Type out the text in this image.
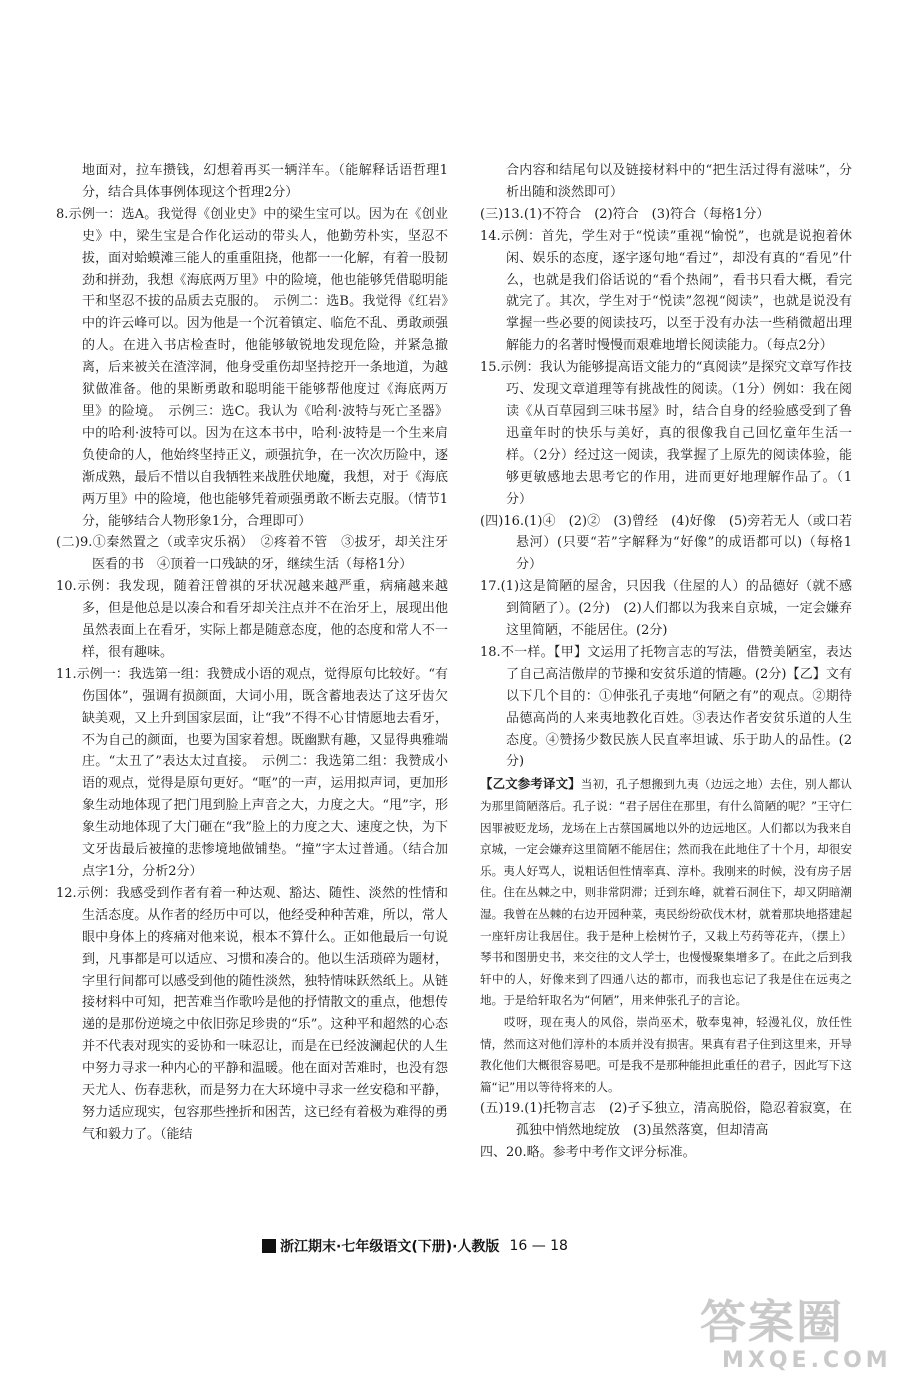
地面对，拉车攒钱，幻想着再买一辆洋车。（能解释话语哲理1分，结合具体事例体现这个哲理2分）

8.示例一：选A。我觉得《创业史》中的梁生宝可以。因为在《创业史》中，梁生宝是合作化运动的带头人，他勤劳朴实，坚忍不拔，面对蛤蟆滩三能人的重重阻挠，他都一一化解，有着一股韧劲和拼劲，我想《海底两万里》中的险境，他也能够凭借聪明能干和坚忍不拔的品质去克服的。　示例二：选B。我觉得《红岩》中的许云峰可以。因为他是一个沉着镇定、临危不乱、勇敢顽强的人。在进入书店检查时，他能够敏锐地发现危险，并紧急撤离，后来被关在渣滓洞，他身受重伤却坚持挖开一条地道，为越狱做准备。他的果断勇敢和聪明能干能够帮他度过《海底两万里》的险境。　示例三：选C。我认为《哈利·波特与死亡圣器》中的哈利·波特可以。因为在这本书中，哈利·波特是一个生来肩负使命的人，他始终坚持正义，顽强抗争，在一次次历险中，逐渐成熟，最后不惜以自我牺牲来战胜伏地魔，我想，对于《海底两万里》中的险境，他也能够凭着顽强勇敢不断去克服。（情节1分，能够结合人物形象1分，合理即可）

(二)9.①秦然置之（或幸灾乐祸）　②疼着不管　③拔牙，却关注牙医看的书　④顶着一口残缺的牙，继续生活（每格1分）

10.示例：我发现，随着汪曾祺的牙状况越来越严重，病痛越来越多，但是他总是以凑合和看牙却关注点并不在治牙上，展现出他虽然表面上在看牙，实际上都是随意态度，他的态度和常人不一样，很有趣味。

11.示例一：我选第一组：我赞成小语的观点，觉得原句比较好。“有伤国体”，强调有损颜面，大词小用，既含蓄地表达了这牙齿欠缺美观，又上升到国家层面，让“我”不得不心甘情愿地去看牙，不为自己的颜面，也要为国家着想。既幽默有趣，又显得典雅端庄。“太丑了”表达太过直接。　示例二：我选第二组：我赞成小语的观点，觉得是原句更好。“哐”的一声，运用拟声词，更加形象生动地体现了把门甩到脸上声音之大，力度之大。“甩”字，形象生动地体现了大门砸在“我”脸上的力度之大、速度之快，为下文牙齿最后被撞的悲惨境地做铺垫。“撞”字太过普通。（结合加点字1分，分析2分）

12.示例：我感受到作者有着一种达观、豁达、随性、淡然的性情和生活态度。从作者的经历中可以，他经受种种苦难，所以，常人眼中身体上的疼痛对他来说，根本不算什么。正如他最后一句说到，凡事都是可以适应、习惯和凑合的。他以生活琐碎为题材，字里行间都可以感受到他的随性淡然，独特情味跃然纸上。从链接材料中可知，把苦难当作歌吟是他的抒情散文的重点，他想传递的是那份逆境之中依旧弥足珍贵的“乐”。这种平和超然的心态并不代表对现实的妥协和一味忍让，而是在已经波澜起伏的人生中努力寻求一种内心的平静和温暖。他在面对苦难时，也没有怨天尤人、伤春悲秋，而是努力在大环境中寻求一丝安稳和平静，努力适应现实，包容那些挫折和困苦，这已经有着极为难得的勇气和毅力了。（能结

合内容和结尾句以及链接材料中的“把生活过得有滋味”，分析出随和淡然即可）

(三)13.(1)不符合　(2)符合　(3)符合（每格1分）

14.示例：首先，学生对于“悦读”重视“愉悦”，也就是说抱着休闲、娱乐的态度，逐字逐句地“看过”，却没有真的“看见”什么，也就是我们俗话说的“看个热闹”，看书只看大概，看完就完了。其次，学生对于“悦读”忽视“阅读”，也就是说没有掌握一些必要的阅读技巧，以至于没有办法一些稍微超出理解能力的名著时慢慢而艰难地增长阅读能力。（每点2分）

15.示例：我认为能够提高语文能力的“真阅读”是探究文章写作技巧、发现文章道理等有挑战性的阅读。（1分）例如：我在阅读《从百草园到三味书屋》时，结合自身的经验感受到了鲁迅童年时的快乐与美好，真的很像我自己回忆童年生活一样。（2分）经过这一阅读，我掌握了上原先的阅读体验，能够更敏感地去思考它的作用，进而更好地理解作品了。（1分）

(四)16.(1)④　(2)②　(3)曾经　(4)好像　(5)旁若无人（或口若悬河）(只要“若”字解释为“好像”的成语都可以)（每格1分）

17.(1)这是简陋的屋舍，只因我（住屋的人）的品德好（就不感到简陋了）。(2分)　(2)人们都以为我来自京城，一定会嫌弃这里简陋，不能居住。(2分)

18.不一样。【甲】文运用了托物言志的写法，借赞美陋室，表达了自己高洁傲岸的节操和安贫乐道的情趣。(2分)【乙】文有以下几个目的：①伸张孔子夷地“何陋之有”的观点。②期待品德高尚的人来夷地教化百姓。③表达作者安贫乐道的人生态度。④赞扬少数民族人民直率坦诚、乐于助人的品性。(2分)

【乙文参考译文】当初，孔子想搬到九夷（边远之地）去住，别人都认为那里简陋落后。孔子说：“君子居住在那里，有什么简陋的呢？”王守仁因罪被贬龙场，龙场在上古蔡国属地以外的边远地区。人们都以为我来自京城，一定会嫌弃这里简陋不能居住；然而我在此地住了十个月，却很安乐。夷人好骂人，说粗话但性情率真、淳朴。我刚来的时候，没有房子居住。住在丛棘之中，则非常阴滞；迁到东峰，就着石洞住下，却又阴暗潮湿。我曾在丛棘的右边开园种菜，夷民纷纷砍伐木材，就着那块地搭建起一座轩房让我居住。我于是种上桧树竹子，又栽上芍药等花卉，（摆上）琴书和图册史书，来交往的文人学士，也慢慢聚集增多了。在此之后到我轩中的人，好像来到了四通八达的都市，而我也忘记了我是住在远夷之地。于是给轩取名为“何陋”，用来伸张孔子的言论。

哎呀，现在夷人的风俗，崇尚巫术，敬奉鬼神，轻漫礼仪，放任性情，然而这对他们淳朴的本质并没有损害。果真有君子住到这里来，开导教化他们大概很容易吧。可是我不是那种能担此重任的君子，因此写下这篇“记”用以等待将来的人。

(五)19.(1)托物言志　(2)孑孓独立，清高脱俗，隐忍着寂寞，在孤独中悄然地绽放　(3)虽然落寞，但却清高

四、20.略。参考中考作文评分标准。

浙江期末·七年级语文(下册)·人教版 16 — 18
答案圈
MXQE.COM
